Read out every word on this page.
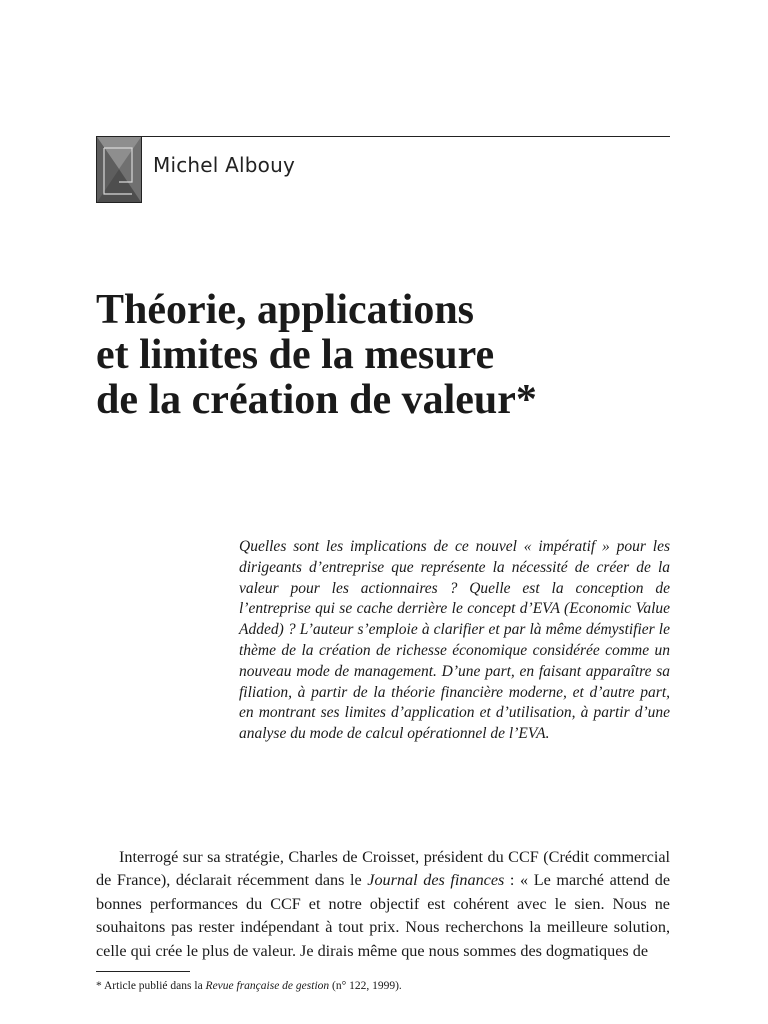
Michel Albouy
Théorie, applications
et limites de la mesure
de la création de valeur*

Quelles sont les implications de ce nouvel « impératif » pour les dirigeants d’entreprise que représente la nécessité de créer de la valeur pour les actionnaires ? Quelle est la conception de l’entreprise qui se cache derrière le concept d’EVA (Economic Value Added) ? L’auteur s’emploie à clarifier et par là même démystifier le thème de la création de richesse économique considérée comme un nouveau mode de management. D’une part, en faisant apparaître sa filiation, à partir de la théorie financière moderne, et d’autre part, en montrant ses limites d’application et d’utilisation, à partir d’une analyse du mode de calcul opérationnel de l’EVA.

Interrogé sur sa stratégie, Charles de Croisset, président du CCF (Crédit commercial de France), déclarait récemment dans le Journal des finances : « Le marché attend de bonnes performances du CCF et notre objectif est cohérent avec le sien. Nous ne souhaitons pas rester indépendant à tout prix. Nous recherchons la meilleure solution, celle qui crée le plus de valeur. Je dirais même que nous sommes des dogmatiques de

* Article publié dans la Revue française de gestion (n° 122, 1999).
